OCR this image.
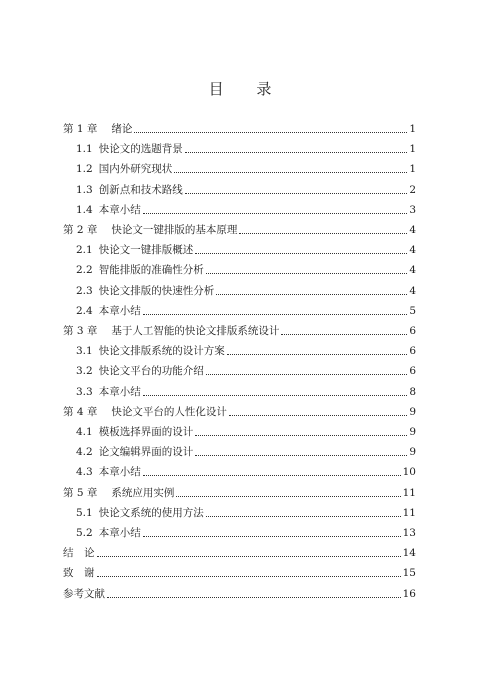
目 录
第 1 章 绪论	1
1.1 快论文的选题背景	1
1.2 国内外研究现状	1
1.3 创新点和技术路线	2
1.4 本章小结	3
第 2 章 快论文一键排版的基本原理	4
2.1 快论文一键排版概述	4
2.2 智能排版的准确性分析	4
2.3 快论文排版的快速性分析	4
2.4 本章小结	5
第 3 章 基于人工智能的快论文排版系统设计	6
3.1 快论文排版系统的设计方案	6
3.2 快论文平台的功能介绍	6
3.3 本章小结	8
第 4 章 快论文平台的人性化设计	9
4.1 模板选择界面的设计	9
4.2 论文编辑界面的设计	9
4.3 本章小结	10
第 5 章 系统应用实例	11
5.1 快论文系统的使用方法	11
5.2 本章小结	13
结　论	14
致　谢	15
参考文献	16
